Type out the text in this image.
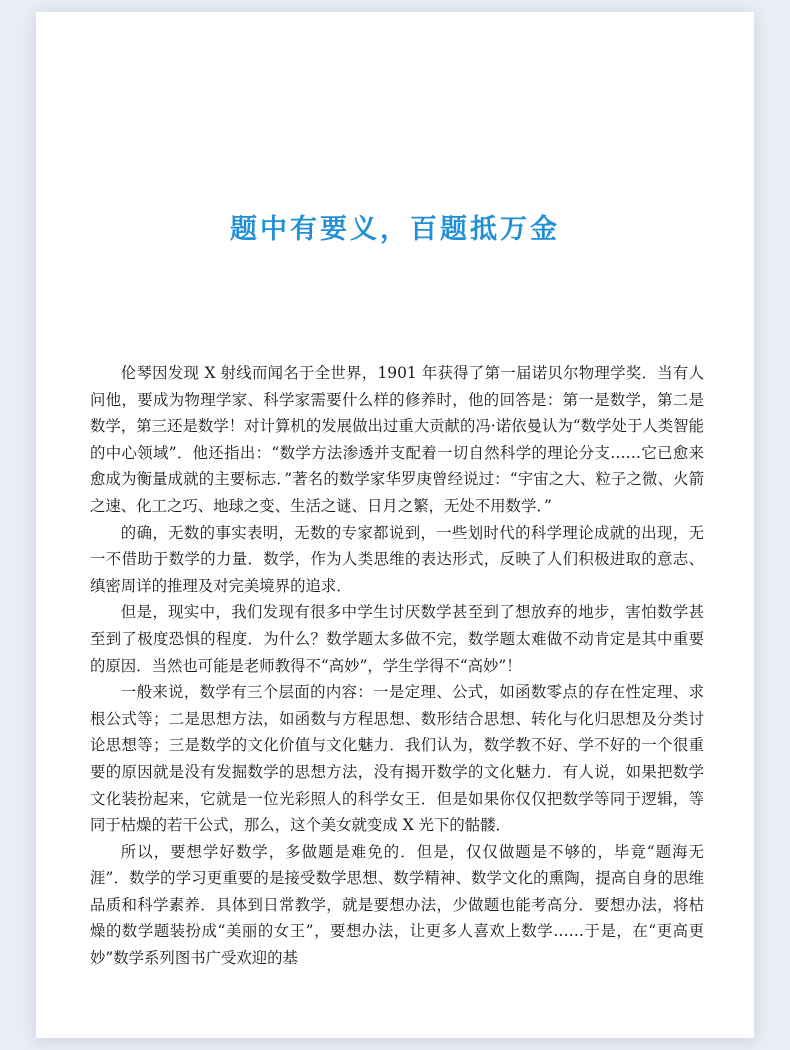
题中有要义，百题抵万金

伦琴因发现 X 射线而闻名于全世界，1901 年获得了第一届诺贝尔物理学奖．当有人问他，要成为物理学家、科学家需要什么样的修养时，他的回答是：第一是数学，第二是数学，第三还是数学！对计算机的发展做出过重大贡献的冯·诺依曼认为“数学处于人类智能的中心领域”．他还指出：“数学方法渗透并支配着一切自然科学的理论分支……它已愈来愈成为衡量成就的主要标志．”著名的数学家华罗庚曾经说过：“宇宙之大、粒子之微、火箭之速、化工之巧、地球之变、生活之谜、日月之繁，无处不用数学．”

的确，无数的事实表明，无数的专家都说到，一些划时代的科学理论成就的出现，无一不借助于数学的力量．数学，作为人类思维的表达形式，反映了人们积极进取的意志、缜密周详的推理及对完美境界的追求．

但是，现实中，我们发现有很多中学生讨厌数学甚至到了想放弃的地步，害怕数学甚至到了极度恐惧的程度．为什么？数学题太多做不完，数学题太难做不动肯定是其中重要的原因．当然也可能是老师教得不“高妙”，学生学得不“高妙”！

一般来说，数学有三个层面的内容：一是定理、公式，如函数零点的存在性定理、求根公式等；二是思想方法，如函数与方程思想、数形结合思想、转化与化归思想及分类讨论思想等；三是数学的文化价值与文化魅力．我们认为，数学教不好、学不好的一个很重要的原因就是没有发掘数学的思想方法，没有揭开数学的文化魅力．有人说，如果把数学文化装扮起来，它就是一位光彩照人的科学女王．但是如果你仅仅把数学等同于逻辑，等同于枯燥的若干公式，那么，这个美女就变成 X 光下的骷髅．

所以，要想学好数学，多做题是难免的．但是，仅仅做题是不够的，毕竟“题海无涯”．数学的学习更重要的是接受数学思想、数学精神、数学文化的熏陶，提高自身的思维品质和科学素养．具体到日常教学，就是要想办法，少做题也能考高分．要想办法，将枯燥的数学题装扮成“美丽的女王”，要想办法，让更多人喜欢上数学……于是，在“更高更妙”数学系列图书广受欢迎的基
